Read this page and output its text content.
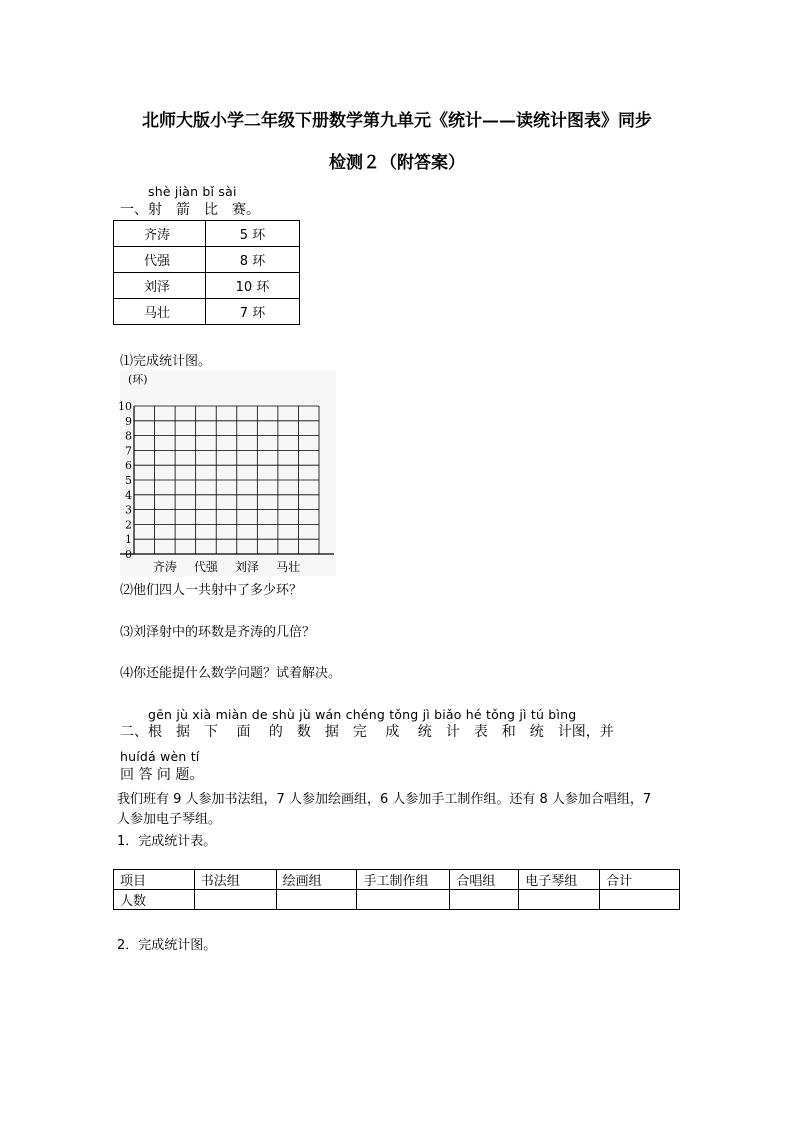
北师大版小学二年级下册数学第九单元《统计——读统计图表》同步
检测２（附答案）
shè jiàn bǐ sài
一、射　箭　比　赛。
齐涛	5 环
代强	8 环
刘泽	10 环
马壮	7 环
⑴完成统计图。
(环)
0
1
2
3
4
5
6
7
8
9
10
齐涛 代强 刘泽 马壮
⑵他们四人一共射中了多少环？
⑶刘泽射中的环数是齐涛的几倍？
⑷你还能提什么数学问题？试着解决。
gēn jù xià miàn de shù jù wán chéng tǒng jì biǎo hé tǒng jì tú bìng
二、根　据　下　 面　 的　数　据　完　 成　 统　计　表　和　统　计图，并
huídá wèn tí
回 答 问 题。
我们班有 9 人参加书法组，7 人参加绘画组，6 人参加手工制作组。还有 8 人参加合唱组，7
人参加电子琴组。
1．完成统计表。
项目	书法组	绘画组	手工制作组	合唱组	电子琴组	合计
人数						
2．完成统计图。
